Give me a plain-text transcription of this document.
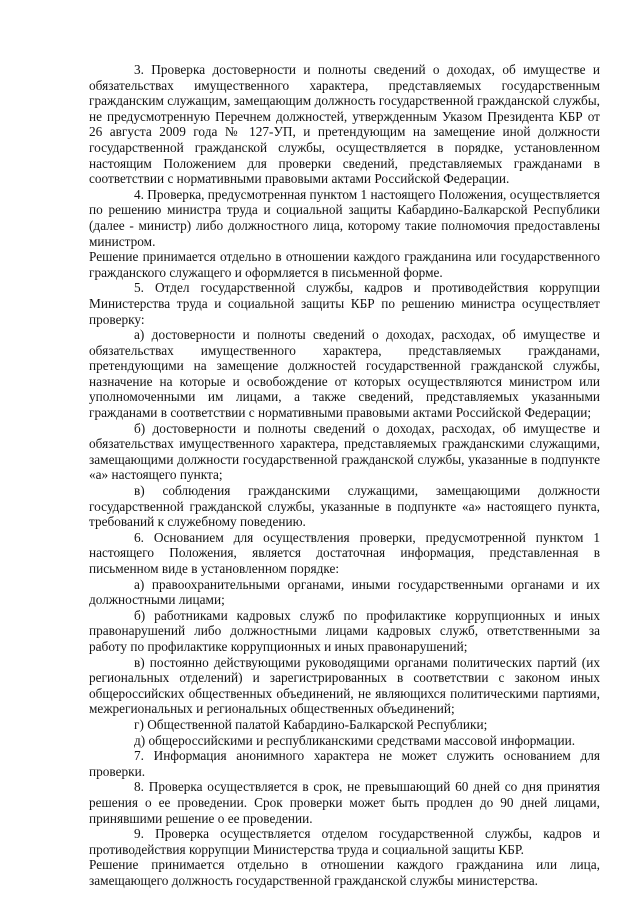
3. Проверка достоверности и полноты сведений о доходах, об имуществе и обязательствах имущественного характера, представляемых государственным гражданским служащим, замещающим должность государственной гражданской службы, не предусмотренную Перечнем должностей, утвержденным Указом Президента КБР от 26 августа 2009 года № 127-УП, и претендующим на замещение иной должности государственной гражданской службы, осуществляется в порядке, установленном настоящим Положением для проверки сведений, представляемых гражданами в соответствии с нормативными правовыми актами Российской Федерации.

4. Проверка, предусмотренная пунктом 1 настоящего Положения, осуществляется по решению министра труда и социальной защиты Кабардино-Балкарской Республики (далее - министр) либо должностного лица, которому такие полномочия предоставлены министром.

Решение принимается отдельно в отношении каждого гражданина или государственного гражданского служащего и оформляется в письменной форме.

5. Отдел государственной службы, кадров и противодействия коррупции Министерства труда и социальной защиты КБР по решению министра осуществляет проверку:

а) достоверности и полноты сведений о доходах, расходах, об имуществе и обязательствах имущественного характера, представляемых гражданами, претендующими на замещение должностей государственной гражданской службы, назначение на которые и освобождение от которых осуществляются министром или уполномоченными им лицами, а также сведений, представляемых указанными гражданами в соответствии с нормативными правовыми актами Российской Федерации;

б) достоверности и полноты сведений о доходах, расходах, об имуществе и обязательствах имущественного характера, представляемых гражданскими служащими, замещающими должности государственной гражданской службы, указанные в подпункте «а» настоящего пункта;

в) соблюдения гражданскими служащими, замещающими должности государственной гражданской службы, указанные в подпункте «а» настоящего пункта, требований к служебному поведению.

6. Основанием для осуществления проверки, предусмотренной пунктом 1 настоящего Положения, является достаточная информация, представленная в письменном виде в установленном порядке:

а) правоохранительными органами, иными государственными органами и их должностными лицами;

б) работниками кадровых служб по профилактике коррупционных и иных правонарушений либо должностными лицами кадровых служб, ответственными за работу по профилактике коррупционных и иных правонарушений;

в) постоянно действующими руководящими органами политических партий (их региональных отделений) и зарегистрированных в соответствии с законом иных общероссийских общественных объединений, не являющихся политическими партиями, межрегиональных и региональных общественных объединений;

г) Общественной палатой Кабардино-Балкарской Республики;

д) общероссийскими и республиканскими средствами массовой информации.

7. Информация анонимного характера не может служить основанием для проверки.

8. Проверка осуществляется в срок, не превышающий 60 дней со дня принятия решения о ее проведении. Срок проверки может быть продлен до 90 дней лицами, принявшими решение о ее проведении.

9. Проверка осуществляется отделом государственной службы, кадров и противодействия коррупции Министерства труда и социальной защиты КБР.

Решение принимается отдельно в отношении каждого гражданина или лица, замещающего должность государственной гражданской службы министерства.
